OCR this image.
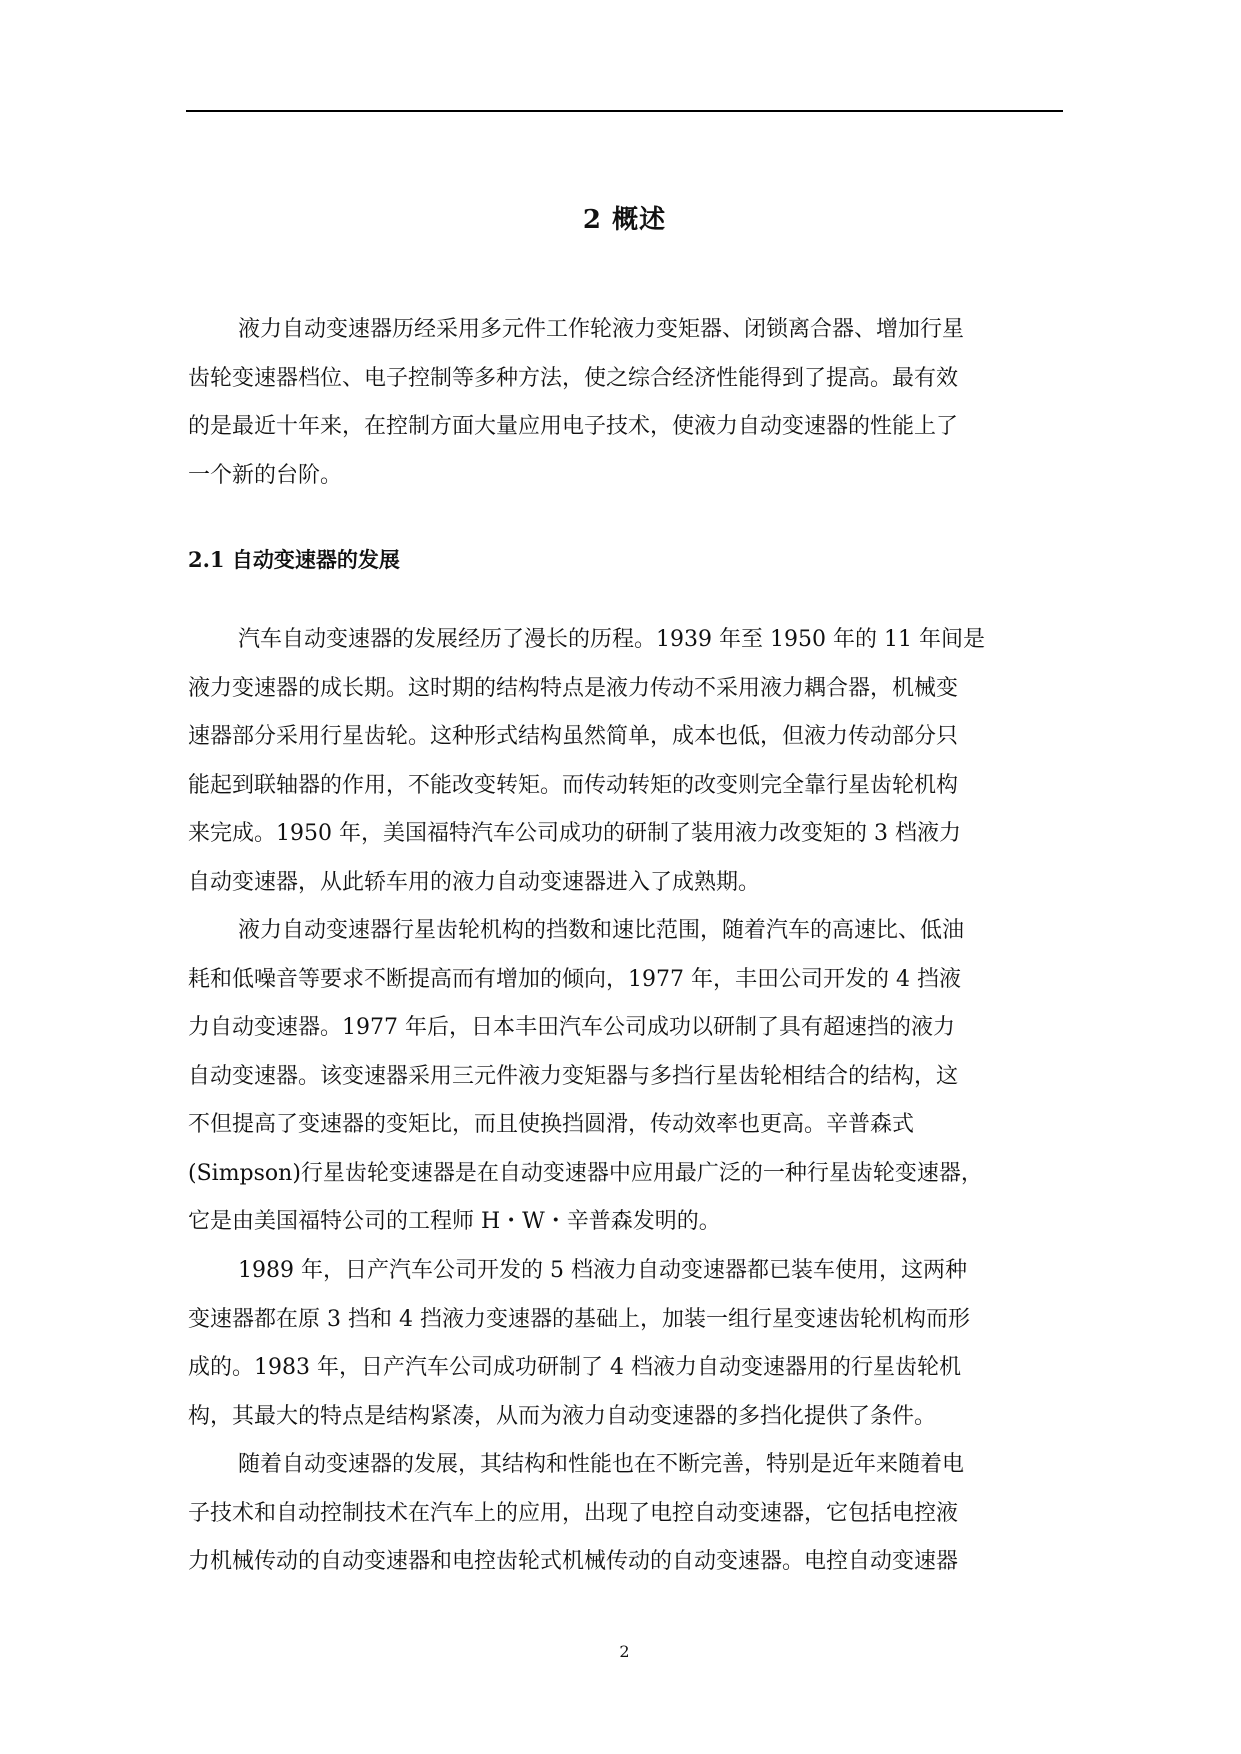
2 概述

液力自动变速器历经采用多元件工作轮液力变矩器、闭锁离合器、增加行星
齿轮变速器档位、电子控制等多种方法，使之综合经济性能得到了提高。最有效
的是最近十年来，在控制方面大量应用电子技术，使液力自动变速器的性能上了
一个新的台阶。

2.1 自动变速器的发展

汽车自动变速器的发展经历了漫长的历程。1939 年至 1950 年的 11 年间是
液力变速器的成长期。这时期的结构特点是液力传动不采用液力耦合器，机械变
速器部分采用行星齿轮。这种形式结构虽然简单，成本也低，但液力传动部分只
能起到联轴器的作用，不能改变转矩。而传动转矩的改变则完全靠行星齿轮机构
来完成。1950 年，美国福特汽车公司成功的研制了装用液力改变矩的 3 档液力
自动变速器，从此轿车用的液力自动变速器进入了成熟期。

液力自动变速器行星齿轮机构的挡数和速比范围，随着汽车的高速比、低油
耗和低噪音等要求不断提高而有增加的倾向，1977 年，丰田公司开发的 4 挡液
力自动变速器。1977 年后，日本丰田汽车公司成功以研制了具有超速挡的液力
自动变速器。该变速器采用三元件液力变矩器与多挡行星齿轮相结合的结构，这
不但提高了变速器的变矩比，而且使换挡圆滑，传动效率也更高。辛普森式
(Simpson)行星齿轮变速器是在自动变速器中应用最广泛的一种行星齿轮变速器，
它是由美国福特公司的工程师 H・W・辛普森发明的。

1989 年，日产汽车公司开发的 5 档液力自动变速器都已装车使用，这两种
变速器都在原 3 挡和 4 挡液力变速器的基础上，加装一组行星变速齿轮机构而形
成的。1983 年，日产汽车公司成功研制了 4 档液力自动变速器用的行星齿轮机
构，其最大的特点是结构紧凑，从而为液力自动变速器的多挡化提供了条件。

随着自动变速器的发展，其结构和性能也在不断完善，特别是近年来随着电
子技术和自动控制技术在汽车上的应用，出现了电控自动变速器，它包括电控液
力机械传动的自动变速器和电控齿轮式机械传动的自动变速器。电控自动变速器

2
